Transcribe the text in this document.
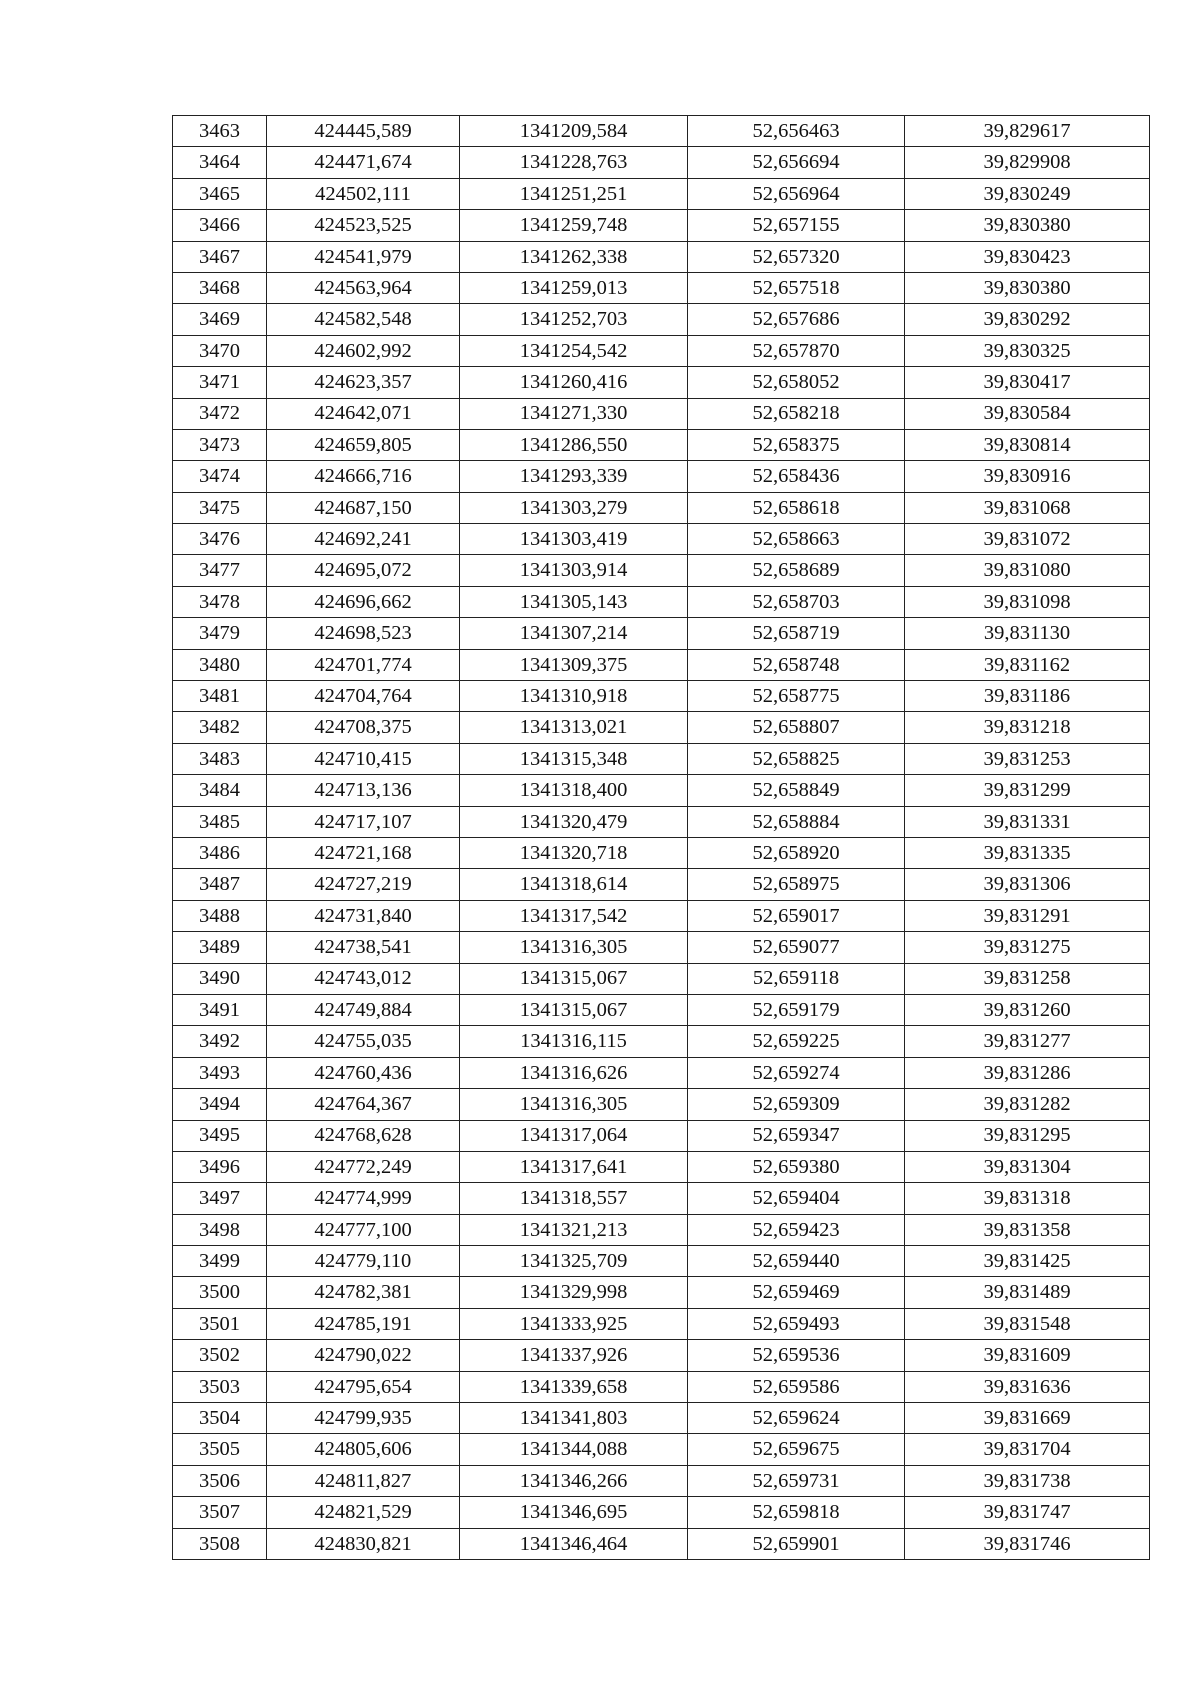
3463	424445,589	1341209,584	52,656463	39,829617
3464	424471,674	1341228,763	52,656694	39,829908
3465	424502,111	1341251,251	52,656964	39,830249
3466	424523,525	1341259,748	52,657155	39,830380
3467	424541,979	1341262,338	52,657320	39,830423
3468	424563,964	1341259,013	52,657518	39,830380
3469	424582,548	1341252,703	52,657686	39,830292
3470	424602,992	1341254,542	52,657870	39,830325
3471	424623,357	1341260,416	52,658052	39,830417
3472	424642,071	1341271,330	52,658218	39,830584
3473	424659,805	1341286,550	52,658375	39,830814
3474	424666,716	1341293,339	52,658436	39,830916
3475	424687,150	1341303,279	52,658618	39,831068
3476	424692,241	1341303,419	52,658663	39,831072
3477	424695,072	1341303,914	52,658689	39,831080
3478	424696,662	1341305,143	52,658703	39,831098
3479	424698,523	1341307,214	52,658719	39,831130
3480	424701,774	1341309,375	52,658748	39,831162
3481	424704,764	1341310,918	52,658775	39,831186
3482	424708,375	1341313,021	52,658807	39,831218
3483	424710,415	1341315,348	52,658825	39,831253
3484	424713,136	1341318,400	52,658849	39,831299
3485	424717,107	1341320,479	52,658884	39,831331
3486	424721,168	1341320,718	52,658920	39,831335
3487	424727,219	1341318,614	52,658975	39,831306
3488	424731,840	1341317,542	52,659017	39,831291
3489	424738,541	1341316,305	52,659077	39,831275
3490	424743,012	1341315,067	52,659118	39,831258
3491	424749,884	1341315,067	52,659179	39,831260
3492	424755,035	1341316,115	52,659225	39,831277
3493	424760,436	1341316,626	52,659274	39,831286
3494	424764,367	1341316,305	52,659309	39,831282
3495	424768,628	1341317,064	52,659347	39,831295
3496	424772,249	1341317,641	52,659380	39,831304
3497	424774,999	1341318,557	52,659404	39,831318
3498	424777,100	1341321,213	52,659423	39,831358
3499	424779,110	1341325,709	52,659440	39,831425
3500	424782,381	1341329,998	52,659469	39,831489
3501	424785,191	1341333,925	52,659493	39,831548
3502	424790,022	1341337,926	52,659536	39,831609
3503	424795,654	1341339,658	52,659586	39,831636
3504	424799,935	1341341,803	52,659624	39,831669
3505	424805,606	1341344,088	52,659675	39,831704
3506	424811,827	1341346,266	52,659731	39,831738
3507	424821,529	1341346,695	52,659818	39,831747
3508	424830,821	1341346,464	52,659901	39,831746
